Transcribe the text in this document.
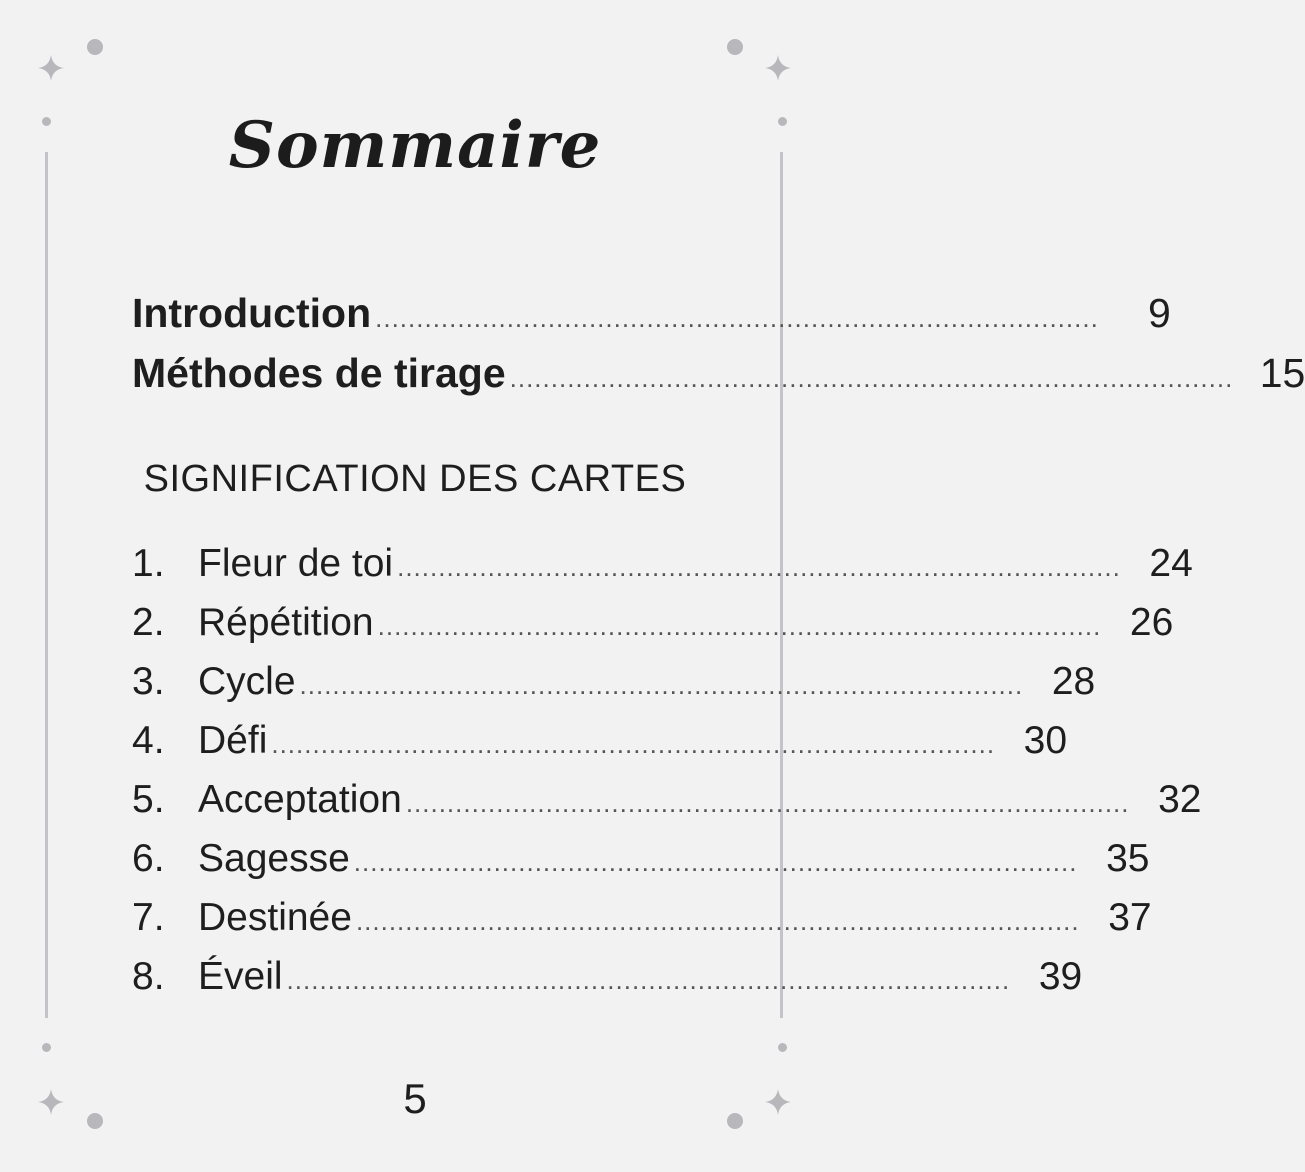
Sommaire
Introduction ........................................................................................	9
Méthodes de tirage ........................................................................................ 15
SIGNIFICATION DES CARTES
1. Fleur de toi ........................................................................................ 24
2. Répétition ........................................................................................ 26
3. Cycle ........................................................................................ 28
4. Défi ........................................................................................ 30
5. Acceptation ........................................................................................ 32
6. Sagesse ........................................................................................ 35
7. Destinée ........................................................................................ 37
8. Éveil ........................................................................................ 39
5
